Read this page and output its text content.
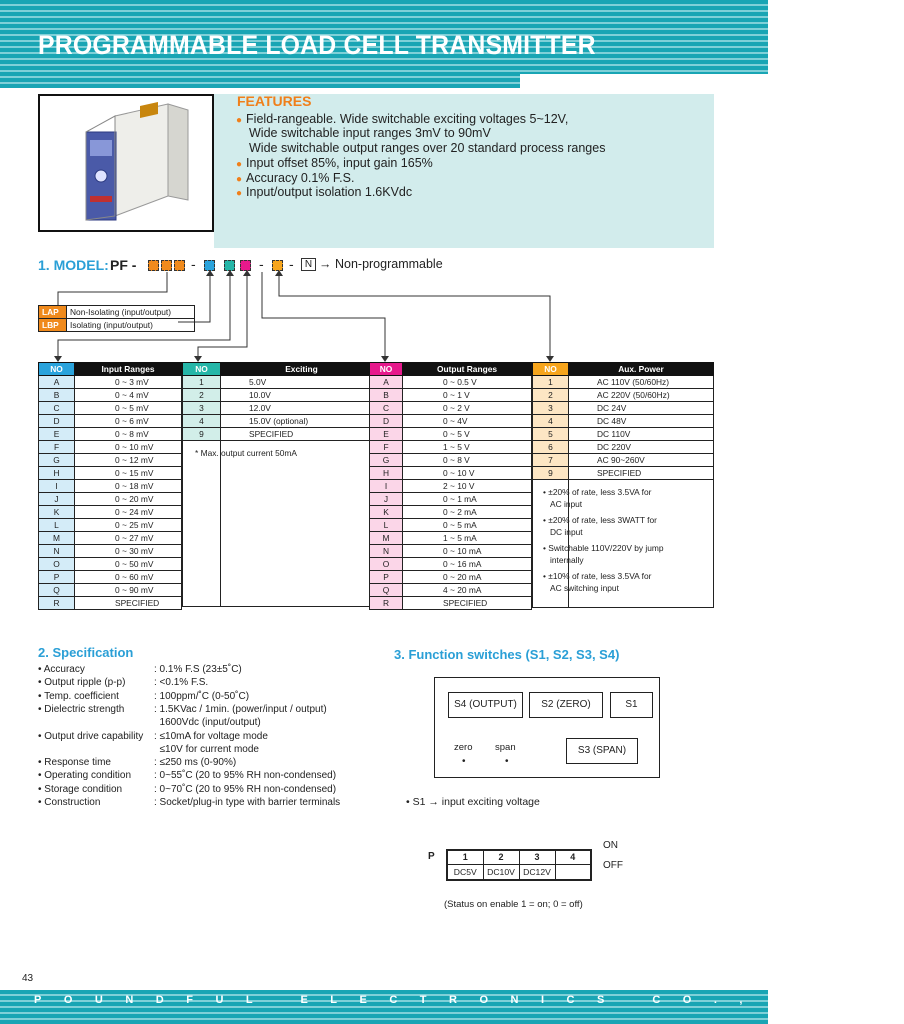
PROGRAMMABLE LOAD CELL TRANSMITTER
FEATURES
● Field-rangeable. Wide switchable exciting voltages 5~12V,
Wide switchable input ranges 3mV to 90mV
Wide switchable output ranges over 20 standard process ranges
● Input offset 85%, input gain 165%
● Accuracy 0.1% F.S.
● Input/output isolation 1.6KVdc
1. MODEL: PF -	-	- -	N → Non-programmable
LAP	Non-Isolating (input/output)
LBP	Isolating (input/output)
NO	Input Ranges
A	0 ~ 3 mV
B	0 ~ 4 mV
C	0 ~ 5 mV
D	0 ~ 6 mV
E	0 ~ 8 mV
F	0 ~ 10 mV
G	0 ~ 12 mV
H	0 ~ 15 mV
I	0 ~ 18 mV
J	0 ~ 20 mV
K	0 ~ 24 mV
L	0 ~ 25 mV
M	0 ~ 27 mV
N	0 ~ 30 mV
O	0 ~ 50 mV
P	0 ~ 60 mV
Q	0 ~ 90 mV
R	SPECIFIED
NO	Exciting
1	5.0V
2	10.0V
3	12.0V
4	15.0V (optional)
9	SPECIFIED

NO	Output Ranges
A	0 ~ 0.5 V
B	0 ~ 1 V
C	0 ~ 2 V
D	0 ~ 4V
E	0 ~ 5 V
F	1 ~ 5 V
G	0 ~ 8 V
H	0 ~ 10 V
I	2 ~ 10 V
J	0 ~ 1 mA
K	0 ~ 2 mA
L	0 ~ 5 mA
M	1 ~ 5 mA
N	0 ~ 10 mA
O	0 ~ 16 mA
P	0 ~ 20 mA
Q	4 ~ 20 mA
R	SPECIFIED
NO	Aux. Power
1	AC 110V (50/60Hz)
2	AC 220V (50/60Hz)
3	DC 24V
4	DC 48V
5	DC 110V
6	DC 220V
7	AC 90~260V
9	SPECIFIED

* Max. output current 50mA
• ±20% of rate, less 3.5VA for
AC input
• ±20% of rate, less 3WATT for
DC input
• Switchable 110V/220V by jump
internally
• ±10% of rate, less 3.5VA for
AC switching input
2. Specification
• Accuracy	: 0.1% F.S (23±5˚C)
• Output ripple (p-p)	: <0.1% F.S.
• Temp. coefficient	: 100ppm/˚C (0-50˚C)
• Dielectric strength	: 1.5KVac / 1min. (power/input / output)
1600Vdc (input/output)
• Output drive capability : ≤10mA for voltage mode
≤10V for current mode
• Response time	: ≤250 ms (0-90%)
• Operating condition : 0~55˚C (20 to 95% RH non-condensed)
• Storage condition	: 0~70˚C (20 to 95% RH non-condensed)
• Construction	: Socket/plug-in type with barrier terminals
3. Function switches (S1, S2, S3, S4)
S4 (OUTPUT)	S2 (ZERO)	S1
S3 (SPAN)
zero span
•	•
• S1 → input exciting voltage
P
ON
OFF
1	2	3	4
DC5V	DC10V	DC12V	
(Status on enable 1 = on; 0 = off)
43
POUNDFUL ELECTRONICS CO., LTD.
